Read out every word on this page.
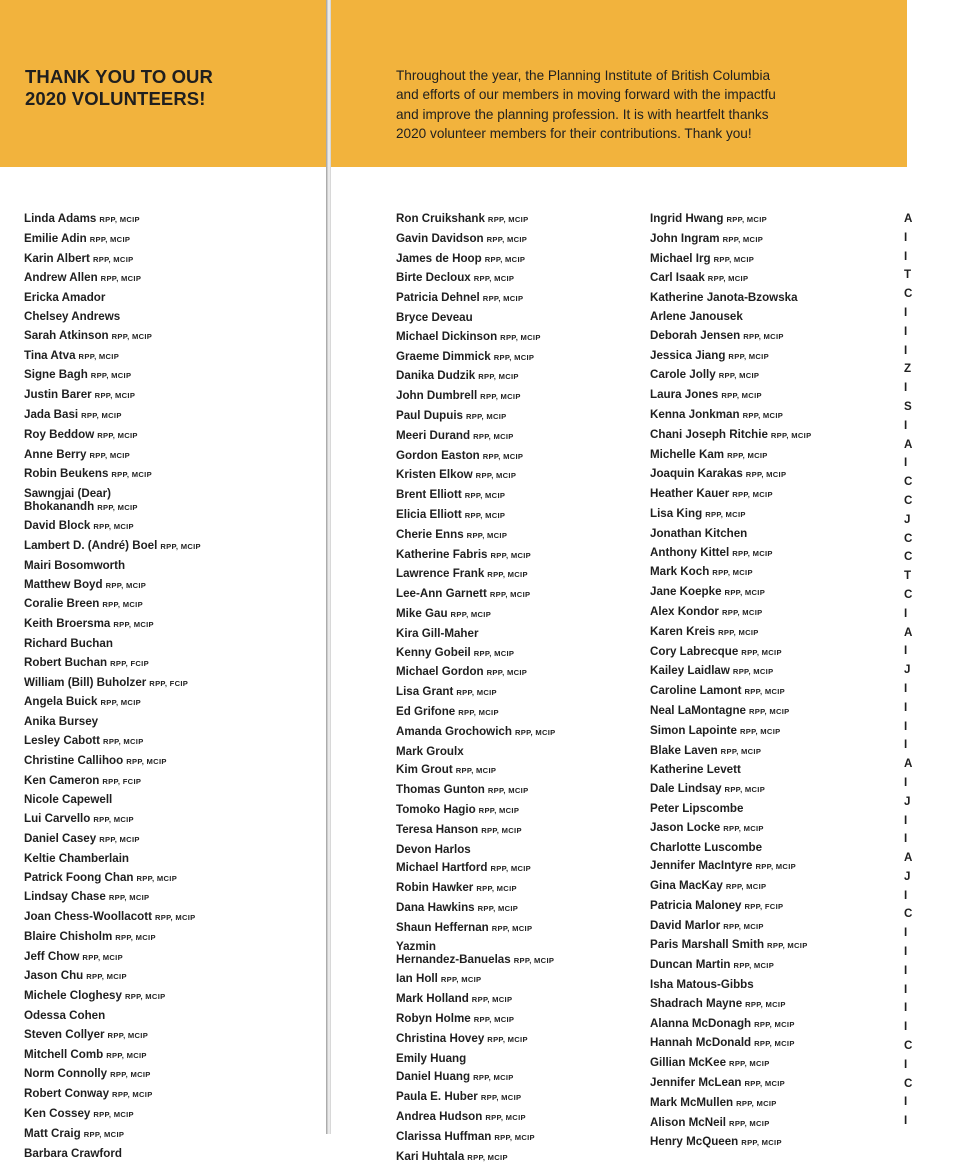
THANK YOU TO OUR
2020 VOLUNTEERS!
Throughout the year, the Planning Institute of British Columbia
and efforts of our members in moving forward with the impactfu
and improve the planning profession. It is with heartfelt thanks
2020 volunteer members for their contributions. Thank you!
Linda Adams RPP, MCIP
Emilie Adin RPP, MCIP
Karin Albert RPP, MCIP
Andrew Allen RPP, MCIP
Ericka Amador
Chelsey Andrews
Sarah Atkinson RPP, MCIP
Tina Atva RPP, MCIP
Signe Bagh RPP, MCIP
Justin Barer RPP, MCIP
Jada Basi RPP, MCIP
Roy Beddow RPP, MCIP
Anne Berry RPP, MCIP
Robin Beukens RPP, MCIP
Sawngjai (Dear)
Bhokanandh RPP, MCIP
David Block RPP, MCIP
Lambert D. (André) Boel RPP, MCIP
Mairi Bosomworth
Matthew Boyd RPP, MCIP
Coralie Breen RPP, MCIP
Keith Broersma RPP, MCIP
Richard Buchan
Robert Buchan RPP, FCIP
William (Bill) Buholzer RPP, FCIP
Angela Buick RPP, MCIP
Anika Bursey
Lesley Cabott RPP, MCIP
Christine Callihoo RPP, MCIP
Ken Cameron RPP, FCIP
Nicole Capewell
Lui Carvello RPP, MCIP
Daniel Casey RPP, MCIP
Keltie Chamberlain
Patrick Foong Chan RPP, MCIP
Lindsay Chase RPP, MCIP
Joan Chess-Woollacott RPP, MCIP
Blaire Chisholm RPP, MCIP
Jeff Chow RPP, MCIP
Jason Chu RPP, MCIP
Michele Cloghesy RPP, MCIP
Odessa Cohen
Steven Collyer RPP, MCIP
Mitchell Comb RPP, MCIP
Norm Connolly RPP, MCIP
Robert Conway RPP, MCIP
Ken Cossey RPP, MCIP
Matt Craig RPP, MCIP
Barbara Crawford
Ron Cruikshank RPP, MCIP
Gavin Davidson RPP, MCIP
James de Hoop RPP, MCIP
Birte Decloux RPP, MCIP
Patricia Dehnel RPP, MCIP
Bryce Deveau
Michael Dickinson RPP, MCIP
Graeme Dimmick RPP, MCIP
Danika Dudzik RPP, MCIP
John Dumbrell RPP, MCIP
Paul Dupuis RPP, MCIP
Meeri Durand RPP, MCIP
Gordon Easton RPP, MCIP
Kristen Elkow RPP, MCIP
Brent Elliott RPP, MCIP
Elicia Elliott RPP, MCIP
Cherie Enns RPP, MCIP
Katherine Fabris RPP, MCIP
Lawrence Frank RPP, MCIP
Lee-Ann Garnett RPP, MCIP
Mike Gau RPP, MCIP
Kira Gill-Maher
Kenny Gobeil RPP, MCIP
Michael Gordon RPP, MCIP
Lisa Grant RPP, MCIP
Ed Grifone RPP, MCIP
Amanda Grochowich RPP, MCIP
Mark Groulx
Kim Grout RPP, MCIP
Thomas Gunton RPP, MCIP
Tomoko Hagio RPP, MCIP
Teresa Hanson RPP, MCIP
Devon Harlos
Michael Hartford RPP, MCIP
Robin Hawker RPP, MCIP
Dana Hawkins RPP, MCIP
Shaun Heffernan RPP, MCIP
Yazmin
Hernandez-Banuelas RPP, MCIP
Ian Holl RPP, MCIP
Mark Holland RPP, MCIP
Robyn Holme RPP, MCIP
Christina Hovey RPP, MCIP
Emily Huang
Daniel Huang RPP, MCIP
Paula E. Huber RPP, MCIP
Andrea Hudson RPP, MCIP
Clarissa Huffman RPP, MCIP
Kari Huhtala RPP, MCIP
Ingrid Hwang RPP, MCIP
John Ingram RPP, MCIP
Michael Irg RPP, MCIP
Carl Isaak RPP, MCIP
Katherine Janota-Bzowska
Arlene Janousek
Deborah Jensen RPP, MCIP
Jessica Jiang RPP, MCIP
Carole Jolly RPP, MCIP
Laura Jones RPP, MCIP
Kenna Jonkman RPP, MCIP
Chani Joseph Ritchie RPP, MCIP
Michelle Kam RPP, MCIP
Joaquin Karakas RPP, MCIP
Heather Kauer RPP, MCIP
Lisa King RPP, MCIP
Jonathan Kitchen
Anthony Kittel RPP, MCIP
Mark Koch RPP, MCIP
Jane Koepke RPP, MCIP
Alex Kondor RPP, MCIP
Karen Kreis RPP, MCIP
Cory Labrecque RPP, MCIP
Kailey Laidlaw RPP, MCIP
Caroline Lamont RPP, MCIP
Neal LaMontagne RPP, MCIP
Simon Lapointe RPP, MCIP
Blake Laven RPP, MCIP
Katherine Levett
Dale Lindsay RPP, MCIP
Peter Lipscombe
Jason Locke RPP, MCIP
Charlotte Luscombe
Jennifer MacIntyre RPP, MCIP
Gina MacKay RPP, MCIP
Patricia Maloney RPP, FCIP
David Marlor RPP, MCIP
Paris Marshall Smith RPP, MCIP
Duncan Martin RPP, MCIP
Isha Matous-Gibbs
Shadrach Mayne RPP, MCIP
Alanna McDonagh RPP, MCIP
Hannah McDonald RPP, MCIP
Gillian McKee RPP, MCIP
Jennifer McLean RPP, MCIP
Mark McMullen RPP, MCIP
Alison McNeil RPP, MCIP
Henry McQueen RPP, MCIP
A
I
I
T
C
I
I
I
Z
I
S
I
A
I
C
C
J
C
C
T
C
I
A
I
J
I
I
I
I
A
I
J
I
I
A
J
I
C
I
I
I
I
I
I
C
I
C
I
I
